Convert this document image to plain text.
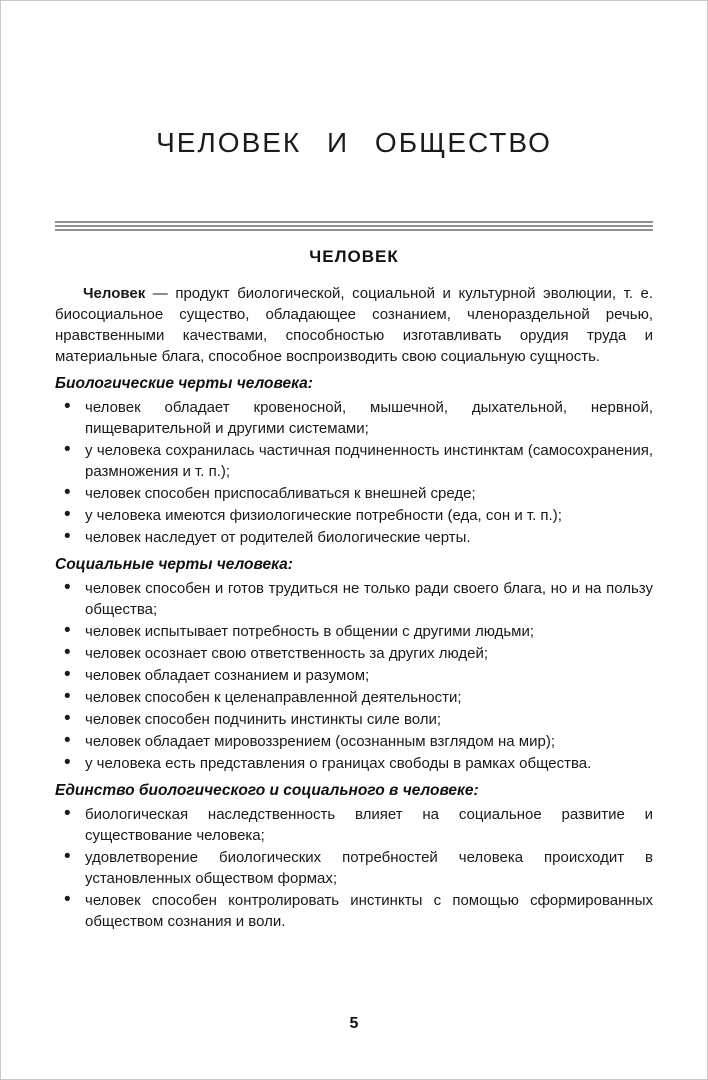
ЧЕЛОВЕК И ОБЩЕСТВО
ЧЕЛОВЕК

Человек — продукт биологической, социальной и культурной эволюции, т. е. биосоциальное существо, обладающее сознанием, членораздельной речью, нравственными качествами, способностью изготавливать орудия труда и материальные блага, способное воспроизводить свою социальную сущность.

Биологические черты человека:
• человек обладает кровеносной, мышечной, дыхательной, нервной, пищеварительной и другими системами;
• у человека сохранилась частичная подчиненность инстинктам (самосохранения, размножения и т. п.);
• человек способен приспосабливаться к внешней среде;
• у человека имеются физиологические потребности (еда, сон и т. п.);
• человек наследует от родителей биологические черты.
Социальные черты человека:
• человек способен и готов трудиться не только ради своего блага, но и на пользу общества;
• человек испытывает потребность в общении с другими людьми;
• человек осознает свою ответственность за других людей;
• человек обладает сознанием и разумом;
• человек способен к целенаправленной деятельности;
• человек способен подчинить инстинкты силе воли;
• человек обладает мировоззрением (осознанным взглядом на мир);
• у человека есть представления о границах свободы в рамках общества.
Единство биологического и социального в человеке:
• биологическая наследственность влияет на социальное развитие и существование человека;
• удовлетворение биологических потребностей человека происходит в установленных обществом формах;
• человек способен контролировать инстинкты с помощью сформированных обществом сознания и воли.
5
